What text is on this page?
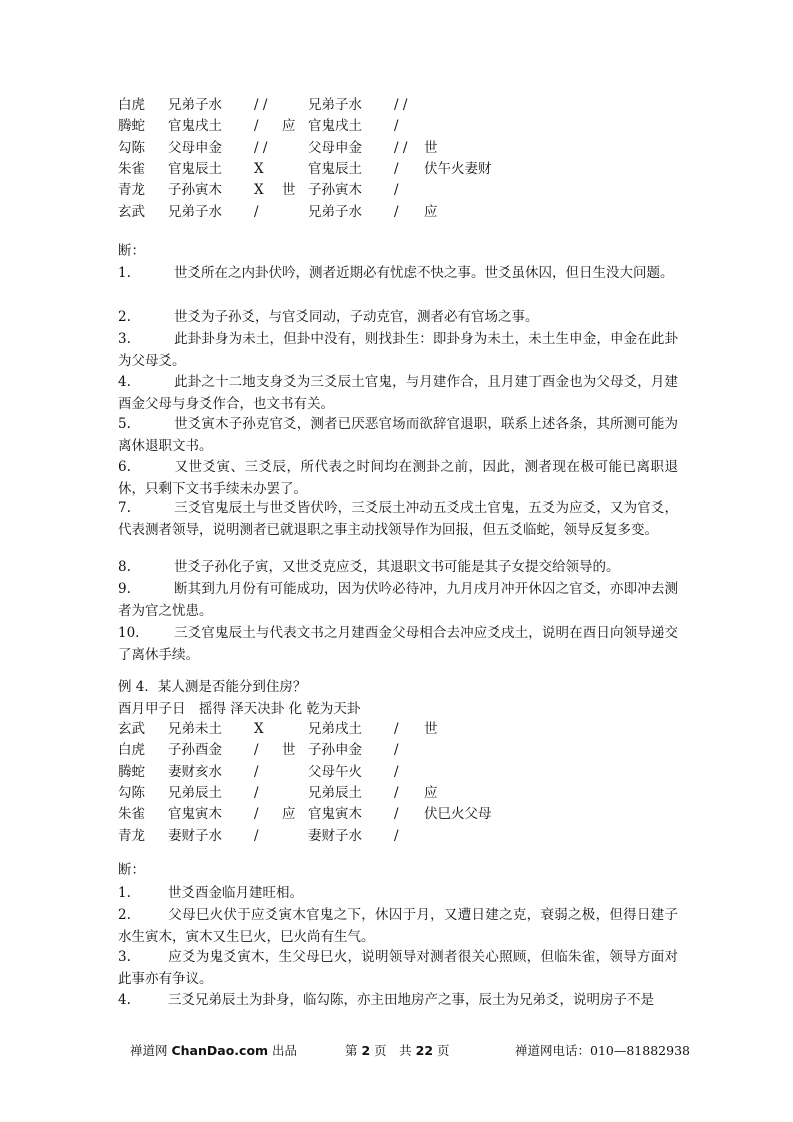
白虎 兄弟子水 / /	兄弟子水 / /
腾蛇 官鬼戌土 / 应 官鬼戌土 /
勾陈 父母申金 / /	父母申金 / / 世
朱雀 官鬼辰土 X	官鬼辰土 / 伏午火妻财
青龙 子孙寅木 X 世 子孙寅木 /
玄武 兄弟子水 /	兄弟子水 / 应
断：
1.	世爻所在之内卦伏吟，测者近期必有忧虑不快之事。世爻虽休囚，但日生没大问题。
2.	世爻为子孙爻，与官爻同动，子动克官，测者必有官场之事。
3.	此卦卦身为未土，但卦中没有，则找卦生：即卦身为未土，未土生申金，申金在此卦为父母爻。
4.	此卦之十二地支身爻为三爻辰土官鬼，与月建作合，且月建丁酉金也为父母爻，月建酉金父母与身爻作合，也文书有关。
5.	世爻寅木子孙克官爻，测者已厌恶官场而欲辞官退职，联系上述各条，其所测可能为离休退职文书。
6.	又世爻寅、三爻辰，所代表之时间均在测卦之前，因此，测者现在极可能已离职退休，只剩下文书手续未办罢了。
7.	三爻官鬼辰土与世爻皆伏吟，三爻辰土冲动五爻戌土官鬼，五爻为应爻，又为官爻，代表测者领导，说明测者已就退职之事主动找领导作为回报，但五爻临蛇，领导反复多变。
8.	世爻子孙化子寅，又世爻克应爻，其退职文书可能是其子女提交给领导的。
9.	断其到九月份有可能成功，因为伏吟必待冲，九月戌月冲开休囚之官爻，亦即冲去测者为官之忧患。
10.	三爻官鬼辰土与代表文书之月建酉金父母相合去冲应爻戌土，说明在酉日向领导递交了离休手续。
例 4．某人测是否能分到住房？
酉月甲子日　摇得 泽天决卦 化 乾为天卦
玄武 兄弟未土 X	兄弟戌土 / 世
白虎 子孙酉金 / 世 子孙申金 /
腾蛇 妻财亥水 /	父母午火 /
勾陈 兄弟辰土 /	兄弟辰土 / 应
朱雀 官鬼寅木 / 应 官鬼寅木 / 伏巳火父母
青龙 妻财子水 /	妻财子水 /
断：
1.	世爻酉金临月建旺相。
2.	父母巳火伏于应爻寅木官鬼之下，休囚于月，又遭日建之克，衰弱之极，但得日建子水生寅木，寅木又生巳火，巳火尚有生气。
3.	应爻为鬼爻寅木，生父母巳火，说明领导对测者很关心照顾，但临朱雀，领导方面对此事亦有争议。
4.	三爻兄弟辰土为卦身，临勾陈，亦主田地房产之事，辰土为兄弟爻，说明房子不是
禅道网 ChanDao.com 出品	第 2 页　共 22 页	禅道网电话：010—81882938
